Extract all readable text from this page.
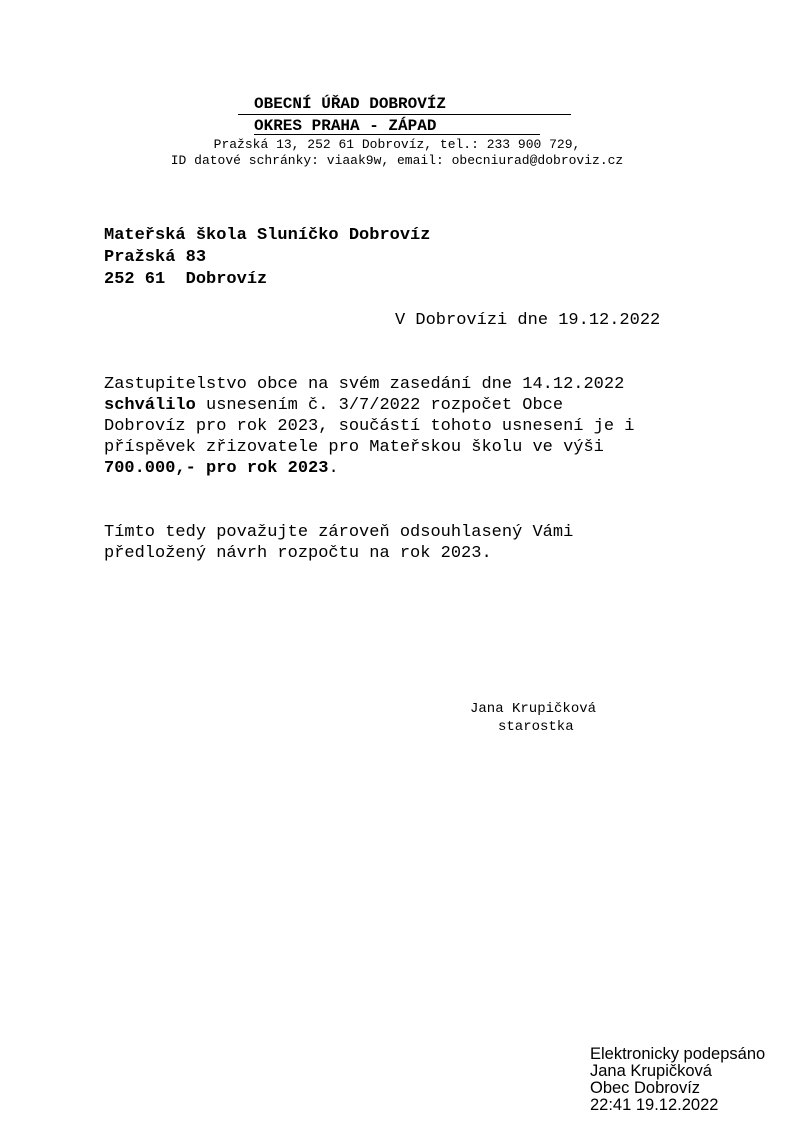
OBECNÍ ÚŘAD DOBROVÍZ
OKRES PRAHA - ZÁPAD
Pražská 13, 252 61 Dobrovíz, tel.: 233 900 729,
ID datové schránky: viaak9w, email: obecniurad@dobroviz.cz
Mateřská škola Sluníčko Dobrovíz
Pražská 83
252 61  Dobrovíz
V Dobrovízi dne 19.12.2022
Zastupitelstvo obce na svém zasedání dne 14.12.2022
schválilo usnesením č. 3/7/2022 rozpočet Obce
Dobrovíz pro rok 2023, součástí tohoto usnesení je i
příspěvek zřizovatele pro Mateřskou školu ve výši
700.000,- pro rok 2023.
Tímto tedy považujte zároveň odsouhlasený Vámi
předložený návrh rozpočtu na rok 2023.
Jana Krupičková
starostka
Elektronicky podepsáno
Jana Krupičková
Obec Dobrovíz
22:41 19.12.2022
